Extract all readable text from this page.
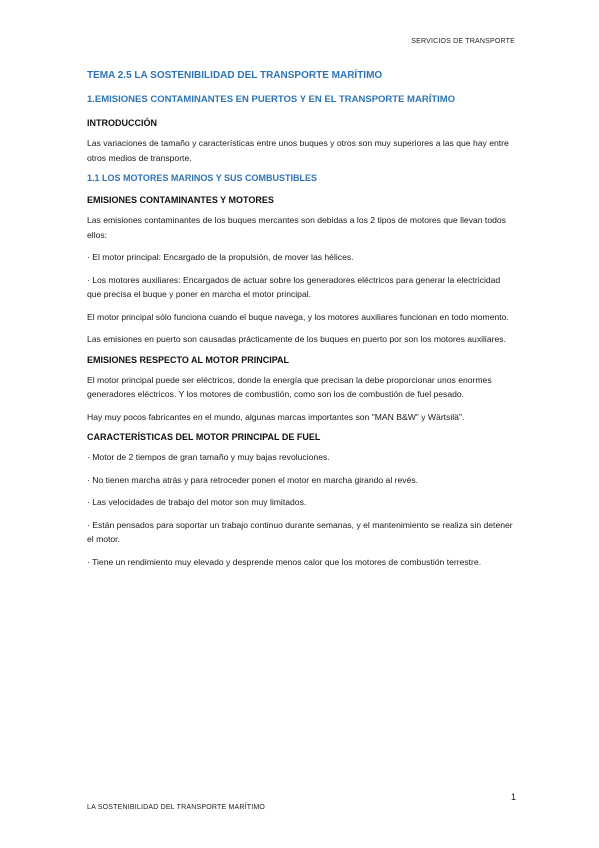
SERVICIOS DE TRANSPORTE
TEMA 2.5 LA SOSTENIBILIDAD DEL TRANSPORTE MARÍTIMO
1.EMISIONES CONTAMINANTES EN PUERTOS Y EN EL TRANSPORTE MARÍTIMO
INTRODUCCIÓN

Las variaciones de tamaño y características entre unos buques y otros son muy superiores a las que hay entre otros medios de transporte.

1.1 LOS MOTORES MARINOS Y SUS COMBUSTIBLES
EMISIONES CONTAMINANTES Y MOTORES

Las emisiones contaminantes de los buques mercantes son debidas a los 2 tipos de motores que llevan todos ellos:

· El motor principal: Encargado de la propulsión, de mover las hélices.

· Los motores auxiliares: Encargados de actuar sobre los generadores eléctricos para generar la electricidad que precisa el buque y poner en marcha el motor principal.

El motor principal sólo funciona cuando el buque navega, y los motores auxiliares funcionan en todo momento.

Las emisiones en puerto son causadas prácticamente de los buques en puerto por son los motores auxiliares.

EMISIONES RESPECTO AL MOTOR PRINCIPAL

El motor principal puede ser eléctricos, donde la energía que precisan la debe proporcionar unos enormes generadores eléctricos. Y los motores de combustión, como son los de combustión de fuel pesado.

Hay muy pocos fabricantes en el mundo, algunas marcas importantes son "MAN B&W" y Wärtsilä".

CARACTERÍSTICAS DEL MOTOR PRINCIPAL DE FUEL

· Motor de 2 tiempos de gran tamaño y muy bajas revoluciones.

· No tienen marcha atrás y para retroceder ponen el motor en marcha girando al revés.

· Las velocidades de trabajo del motor son muy limitados.

· Están pensados para soportar un trabajo continuo durante semanas, y el mantenimiento se realiza sin detener el motor.

· Tiene un rendimiento muy elevado y desprende menos calor que los motores de combustión terrestre.

1
LA SOSTENIBILIDAD DEL TRANSPORTE MARÍTIMO
